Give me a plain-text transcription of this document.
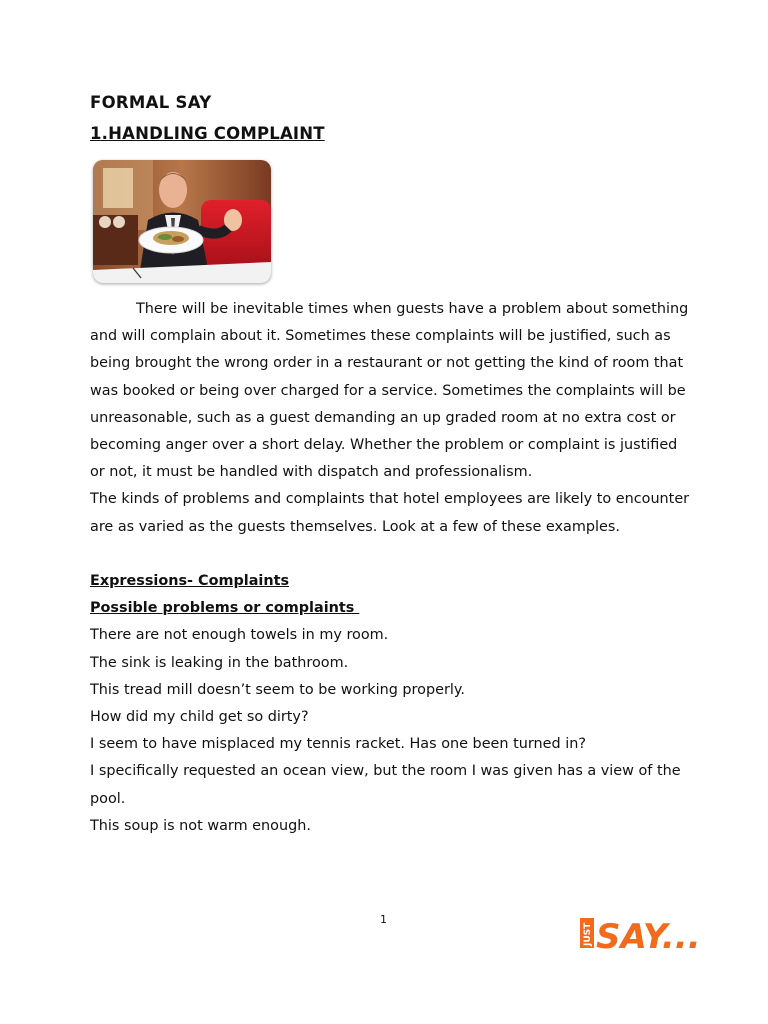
FORMAL SAY
1.HANDLING COMPLAINT

There will be inevitable times when guests have a problem about something and will complain about it. Sometimes these complaints will be justified, such as being brought the wrong order in a restaurant or not getting the kind of room that was booked or being over charged for a service. Sometimes the complaints will be unreasonable, such as a guest demanding an up graded room at no extra cost or becoming anger over a short delay. Whether the problem or complaint is justified or not, it must be handled with dispatch and professionalism.

The kinds of problems and complaints that hotel employees are likely to encounter

are as varied as the guests themselves. Look at a few of these examples.

Expressions- Complaints

Possible problems or complaints

There are not enough towels in my room.

The sink is leaking in the bathroom.

This tread mill doesn’t seem to be working properly.

How did my child get so dirty?

I seem to have misplaced my tennis racket. Has one been turned in?

I specifically requested an ocean view, but the room I was given has a view of the pool.

This soup is not warm enough.

1
JUST SAY...
